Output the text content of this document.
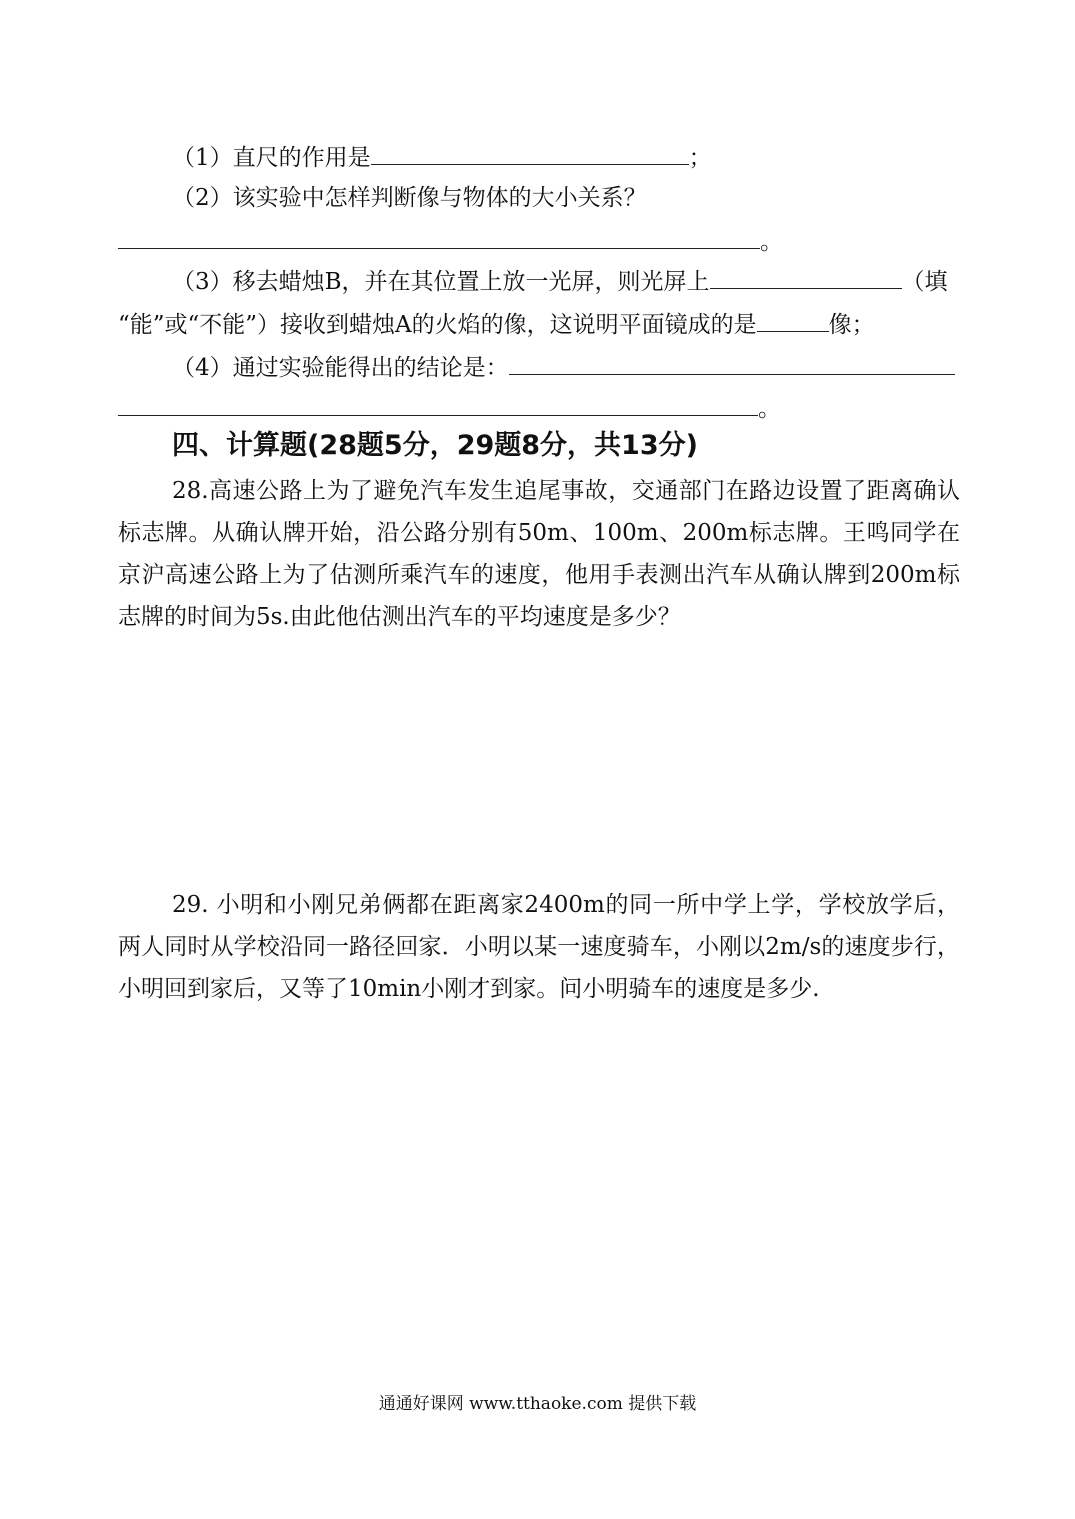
（1）直尺的作用是	；
（2）该实验中怎样判断像与物体的大小关系？
。
（3）移去蜡烛B，并在其位置上放一光屏，则光屏上	（填
“能”或“不能”）接收到蜡烛A的火焰的像，这说明平面镜成的是	像；
（4）通过实验能得出的结论是：
。
四、计算题(28题5分，29题8分，共13分)

28.高速公路上为了避免汽车发生追尾事故，交通部门在路边设置了距离确认标志牌。从确认牌开始，沿公路分别有50m、100m、200m标志牌。王鸣同学在京沪高速公路上为了估测所乘汽车的速度，他用手表测出汽车从确认牌到200m标志牌的时间为5s.由此他估测出汽车的平均速度是多少？

29. 小明和小刚兄弟俩都在距离家2400m的同一所中学上学，学校放学后，两人同时从学校沿同一路径回家．小明以某一速度骑车，小刚以2m/s的速度步行，小明回到家后，又等了10min小刚才到家。问小明骑车的速度是多少.

通通好课网 www.tthaoke.com 提供下载
